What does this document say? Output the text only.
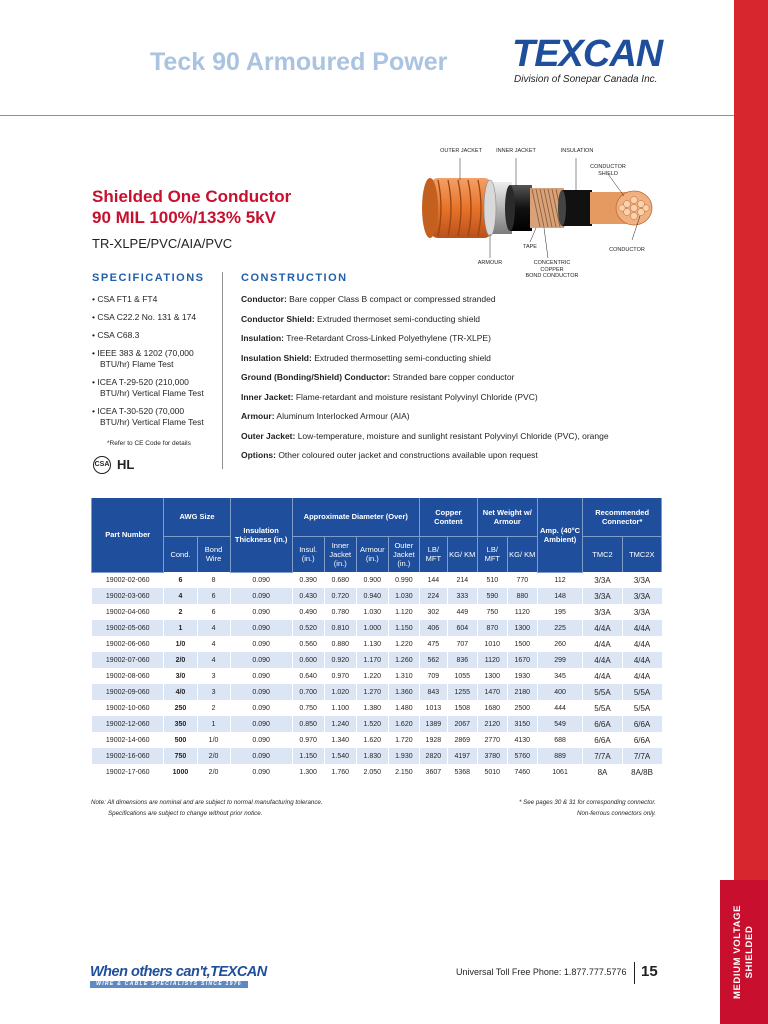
MEDIUM VOLTAGE SHIELDED
Teck 90 Armoured Power TEXCAN
Division of Sonepar Canada Inc.
Shielded One Conductor
90 MIL 100%/133% 5kV
TR-XLPE/PVC/AIA/PVC
OUTER JACKET	INNER JACKET	INSULATION
CONDUCTOR
SHIELD
CONDUCTOR
TAPE
ARMOUR	CONCENTRIC COPPER
BOND CONDUCTOR
SPECIFICATIONS
• CSA FT1 & FT4
• CSA C22.2 No. 131 & 174
• CSA C68.3
• IEEE 383 & 1202 (70,000 BTU/hr) Flame Test
• ICEA T-29-520 (210,000 BTU/hr) Vertical Flame Test
• ICEA T-30-520 (70,000 BTU/hr) Vertical Flame Test
*Refer to CE Code for details
CSA HL
CONSTRUCTION

Conductor: Bare copper Class B compact or compressed stranded

Conductor Shield: Extruded thermoset semi-conducting shield

Insulation: Tree-Retardant Cross-Linked Polyethylene (TR-XLPE)

Insulation Shield: Extruded thermosetting semi-conducting shield

Ground (Bonding/Shield) Conductor: Stranded bare copper conductor

Inner Jacket: Flame-retardant and moisture resistant Polyvinyl Chloride (PVC)

Armour: Aluminum Interlocked Armour (AIA)

Outer Jacket: Low-temperature, moisture and sunlight resistant Polyvinyl Chloride (PVC), orange

Options: Other coloured outer jacket and constructions available upon request

Part Number	AWG Size		Insulation Thickness (in.)	Approximate Diameter (Over)				Copper Content		Net Weight w/ Armour		Amp. (40°C Ambient)	Recommended Connector*	
	Cond.	Bond Wire		Insul. (in.)	Inner Jacket (in.)	Armour (in.)	Outer Jacket (in.)	LB/ MFT	KG/ KM	LB/ MFT	KG/ KM		TMC2	TMC2X
19002-02-060	6	8	0.090	0.390	0.680	0.900	0.990	144	214	510	770	112	3/3A	3/3A
19002-03-060	4	6	0.090	0.430	0.720	0.940	1.030	224	333	590	880	148	3/3A	3/3A
19002-04-060	2	6	0.090	0.490	0.780	1.030	1.120	302	449	750	1120	195	3/3A	3/3A
19002-05-060	1	4	0.090	0.520	0.810	1.000	1.150	406	604	870	1300	225	4/4A	4/4A
19002-06-060	1/0	4	0.090	0.560	0.880	1.130	1.220	475	707	1010	1500	260	4/4A	4/4A
19002-07-060	2/0	4	0.090	0.600	0.920	1.170	1.260	562	836	1120	1670	299	4/4A	4/4A
19002-08-060	3/0	3	0.090	0.640	0.970	1.220	1.310	709	1055	1300	1930	345	4/4A	4/4A
19002-09-060	4/0	3	0.090	0.700	1.020	1.270	1.360	843	1255	1470	2180	400	5/5A	5/5A
19002-10-060	250	2	0.090	0.750	1.100	1.380	1.480	1013	1508	1680	2500	444	5/5A	5/5A
19002-12-060	350	1	0.090	0.850	1.240	1.520	1.620	1389	2067	2120	3150	549	6/6A	6/6A
19002-14-060	500	1/0	0.090	0.970	1.340	1.620	1.720	1928	2869	2770	4130	688	6/6A	6/6A
19002-16-060	750	2/0	0.090	1.150	1.540	1.830	1.930	2820	4197	3780	5760	889	7/7A	7/7A
19002-17-060	1000	2/0	0.090	1.300	1.760	2.050	2.150	3607	5368	5010	7460	1061	8A	8A/8B
Note: All dimensions are nominal and are subject to normal manufacturing tolerance.
Specifications are subject to change without prior notice.
* See pages 30 & 31 for corresponding connector.
Non-ferrous connectors only.
When others can't,TEXCAN
WIRE & CABLE SPECIALISTS SINCE 1976
Universal Toll Free Phone: 1.877.777.5776 15
